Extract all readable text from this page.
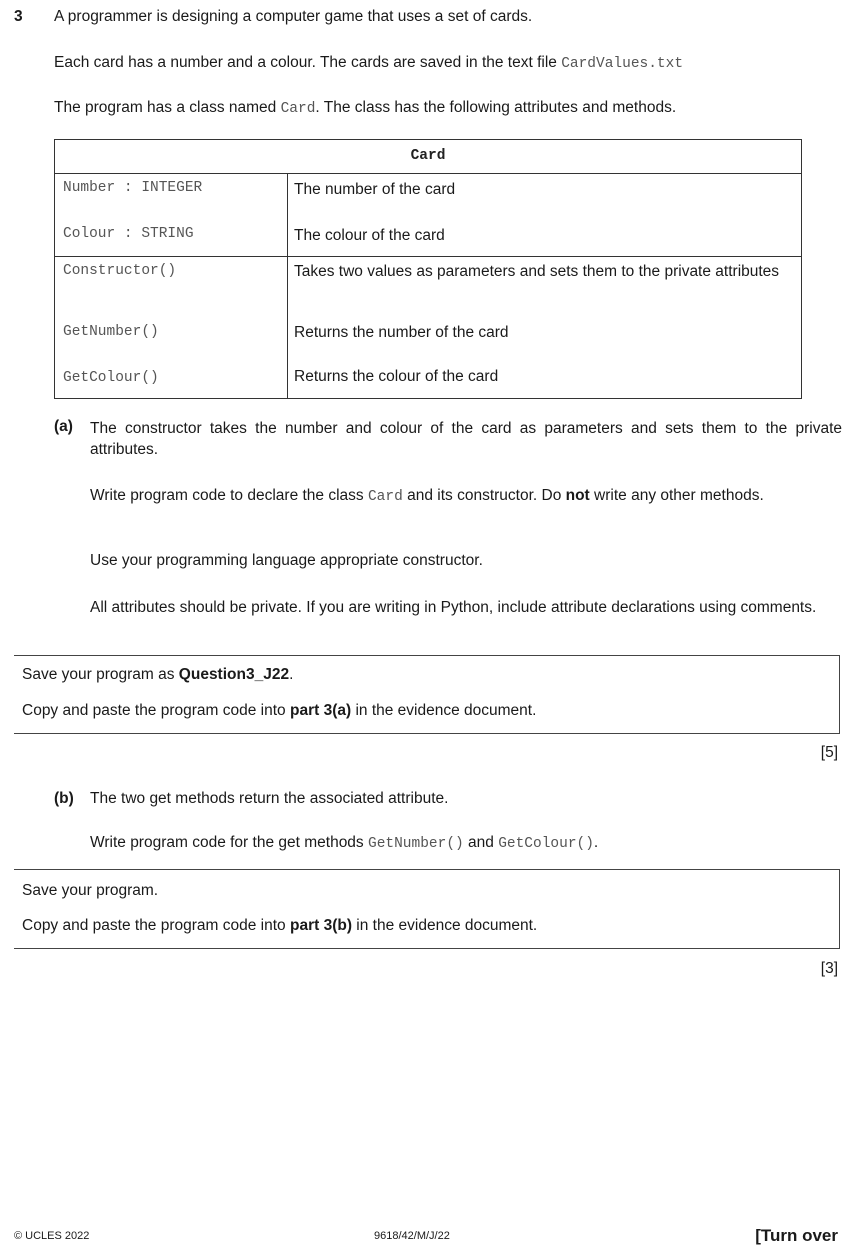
3 A programmer is designing a computer game that uses a set of cards.
Each card has a number and a colour. The cards are saved in the text file CardValues.txt
The program has a class named Card. The class has the following attributes and methods.
Card
Number : INTEGER	The number of the card
Colour : STRING	The colour of the card
Constructor()	Takes two values as parameters and sets them to the private attributes
GetNumber()	Returns the number of the card
GetColour()	Returns the colour of the card
(a) The constructor takes the number and colour of the card as parameters and sets them to the private attributes.
Write program code to declare the class Card and its constructor. Do not write any other methods.
Use your programming language appropriate constructor.
All attributes should be private. If you are writing in Python, include attribute declarations using comments.

Save your program as Question3_J22.

Copy and paste the program code into part 3(a) in the evidence document.

[5]
(b) The two get methods return the associated attribute.
Write program code for the get methods GetNumber() and GetColour().

Save your program.

Copy and paste the program code into part 3(b) in the evidence document.

[3]
© UCLES 2022	9618/42/M/J/22	[Turn over
